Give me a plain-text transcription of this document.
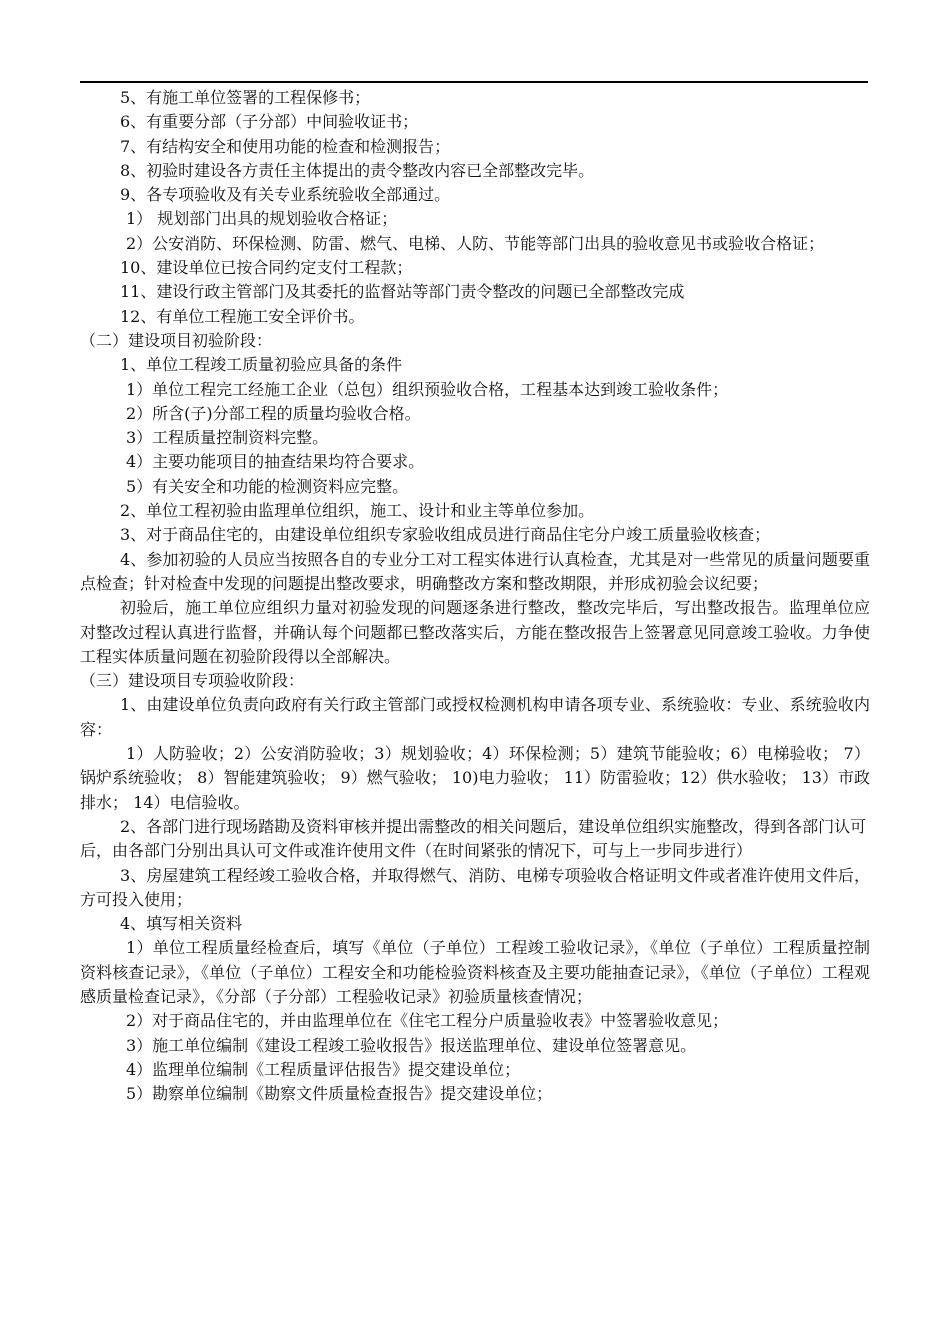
5、有施工单位签署的工程保修书；

6、有重要分部（子分部）中间验收证书；

7、有结构安全和使用功能的检查和检测报告；

8、初验时建设各方责任主体提出的责令整改内容已全部整改完毕。

9、各专项验收及有关专业系统验收全部通过。

1） 规划部门出具的规划验收合格证；

2）公安消防、环保检测、防雷、燃气、电梯、人防、节能等部门出具的验收意见书或验收合格证；

10、建设单位已按合同约定支付工程款；

11、建设行政主管部门及其委托的监督站等部门责令整改的问题已全部整改完成

12、有单位工程施工安全评价书。

（二）建设项目初验阶段：

1、单位工程竣工质量初验应具备的条件

1）单位工程完工经施工企业（总包）组织预验收合格，工程基本达到竣工验收条件；

2）所含(子)分部工程的质量均验收合格。

3）工程质量控制资料完整。

4）主要功能项目的抽查结果均符合要求。

5）有关安全和功能的检测资料应完整。

2、单位工程初验由监理单位组织，施工、设计和业主等单位参加。

3、对于商品住宅的，由建设单位组织专家验收组成员进行商品住宅分户竣工质量验收核查；

4、参加初验的人员应当按照各自的专业分工对工程实体进行认真检查，尤其是对一些常见的质量问题要重点检查；针对检查中发现的问题提出整改要求，明确整改方案和整改期限，并形成初验会议纪要；

初验后，施工单位应组织力量对初验发现的问题逐条进行整改，整改完毕后，写出整改报告。监理单位应对整改过程认真进行监督，并确认每个问题都已整改落实后，方能在整改报告上签署意见同意竣工验收。力争使工程实体质量问题在初验阶段得以全部解决。

（三）建设项目专项验收阶段：

1、由建设单位负责向政府有关行政主管部门或授权检测机构申请各项专业、系统验收：专业、系统验收内容：

1）人防验收；2）公安消防验收；3）规划验收；4）环保检测；5）建筑节能验收；6）电梯验收； 7）锅炉系统验收； 8）智能建筑验收； 9）燃气验收； 10)电力验收； 11）防雷验收；12）供水验收； 13）市政排水； 14）电信验收。

2、各部门进行现场踏勘及资料审核并提出需整改的相关问题后，建设单位组织实施整改，得到各部门认可后，由各部门分别出具认可文件或准许使用文件（在时间紧张的情况下，可与上一步同步进行）

3、房屋建筑工程经竣工验收合格，并取得燃气、消防、电梯专项验收合格证明文件或者准许使用文件后，方可投入使用；

4、填写相关资料

1）单位工程质量经检查后，填写《单位（子单位）工程竣工验收记录》，《单位（子单位）工程质量控制资料核查记录》，《单位（子单位）工程安全和功能检验资料核查及主要功能抽查记录》，《单位（子单位）工程观感质量检查记录》，《分部（子分部）工程验收记录》初验质量核查情况；

2）对于商品住宅的，并由监理单位在《住宅工程分户质量验收表》中签署验收意见；

3）施工单位编制《建设工程竣工验收报告》报送监理单位、建设单位签署意见。

4）监理单位编制《工程质量评估报告》提交建设单位；

5）勘察单位编制《勘察文件质量检查报告》提交建设单位；
